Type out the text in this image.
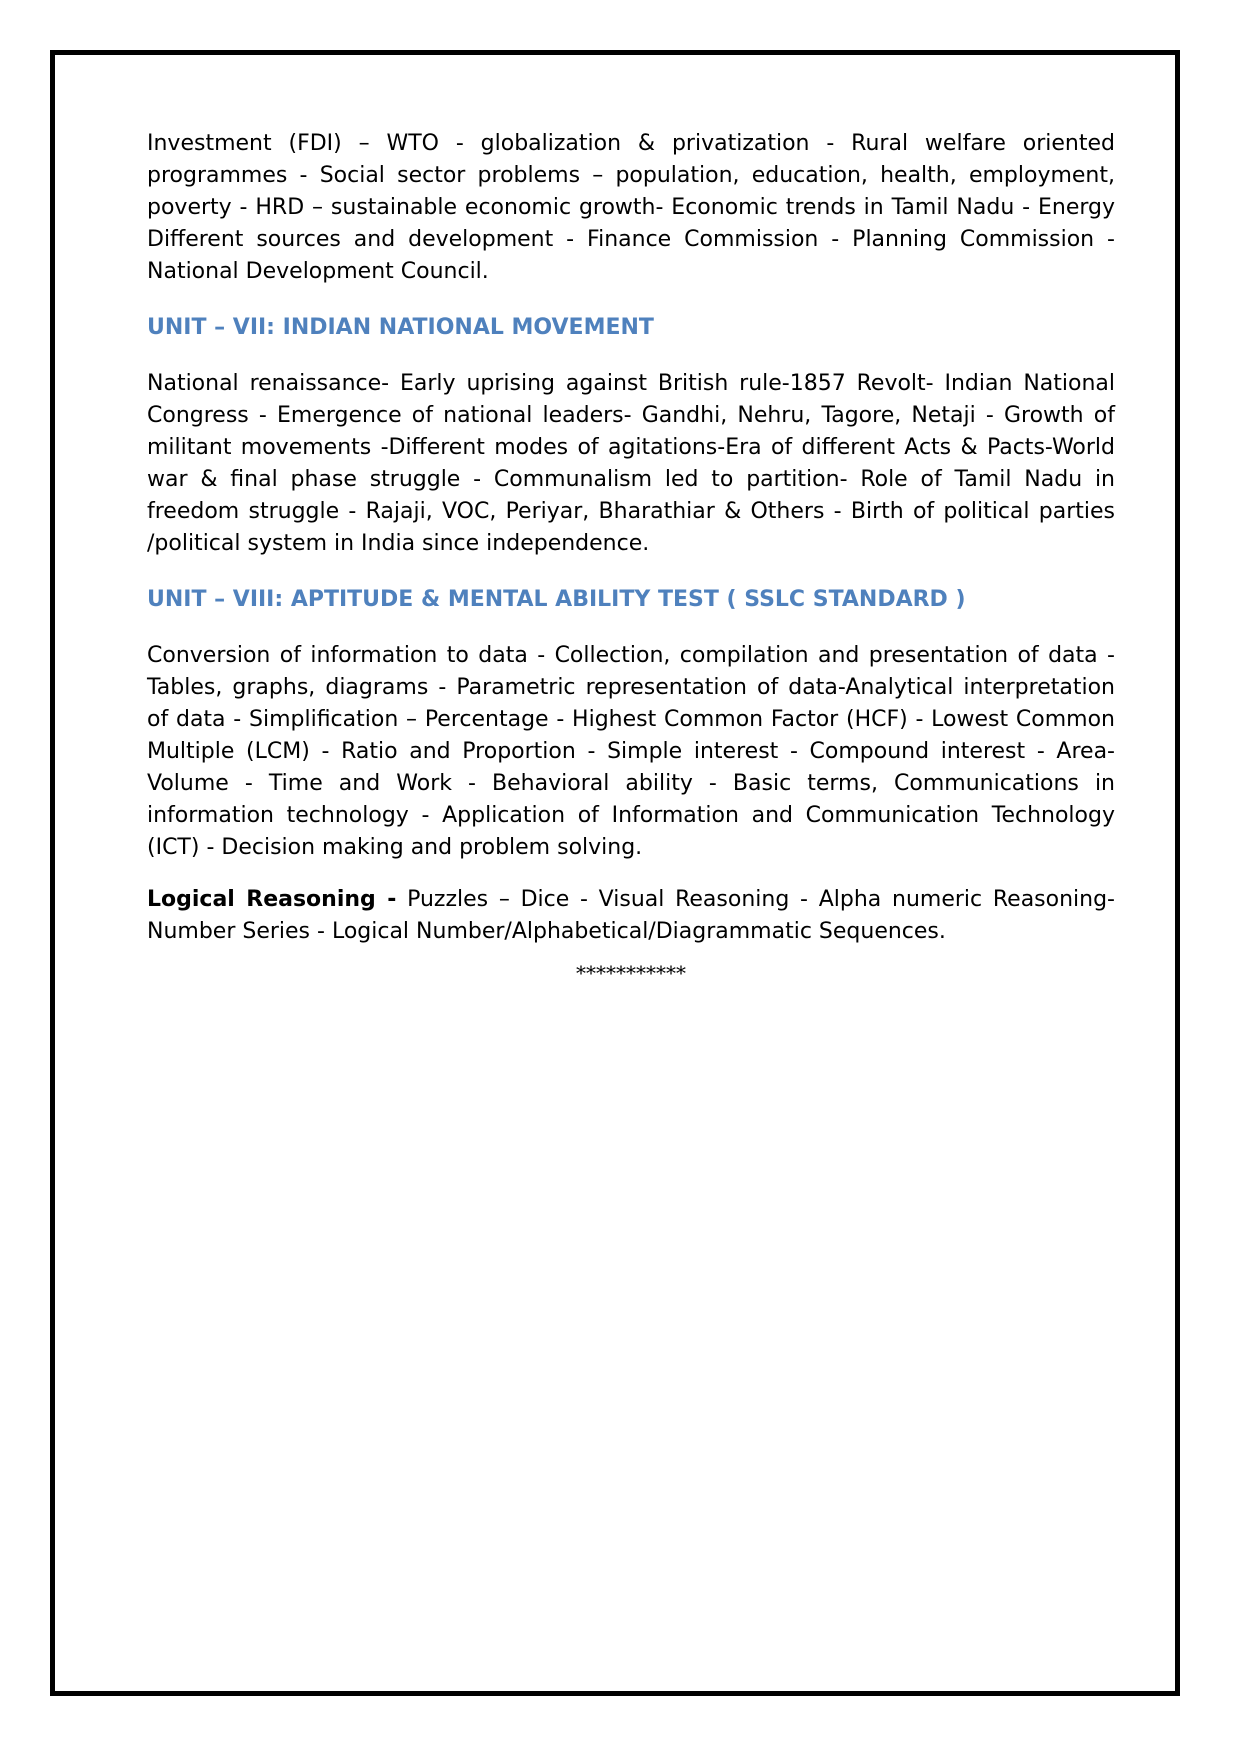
Investment (FDI) – WTO - globalization & privatization - Rural welfare oriented programmes - Social sector problems – population, education, health, employment, poverty - HRD – sustainable economic growth- Economic trends in Tamil Nadu - Energy Different sources and development - Finance Commission - Planning Commission - National Development Council.

UNIT – VII: INDIAN NATIONAL MOVEMENT

National renaissance- Early uprising against British rule-1857 Revolt- Indian National Congress - Emergence of national leaders- Gandhi, Nehru, Tagore, Netaji - Growth of militant movements -Different modes of agitations-Era of different Acts & Pacts-World war & final phase struggle - Communalism led to partition- Role of Tamil Nadu in freedom struggle - Rajaji, VOC, Periyar, Bharathiar & Others - Birth of political parties /political system in India since independence.

UNIT – VIII: APTITUDE & MENTAL ABILITY TEST ( SSLC STANDARD )

Conversion of information to data - Collection, compilation and presentation of data - Tables, graphs, diagrams - Parametric representation of data-Analytical interpretation of data - Simplification – Percentage - Highest Common Factor (HCF) - Lowest Common Multiple (LCM) - Ratio and Proportion - Simple interest - Compound interest - Area-Volume - Time and Work - Behavioral ability - Basic terms, Communications in information technology - Application of Information and Communication Technology (ICT) - Decision making and problem solving.

Logical Reasoning - Puzzles – Dice - Visual Reasoning - Alpha numeric Reasoning- Number Series - Logical Number/Alphabetical/Diagrammatic Sequences.

***********
